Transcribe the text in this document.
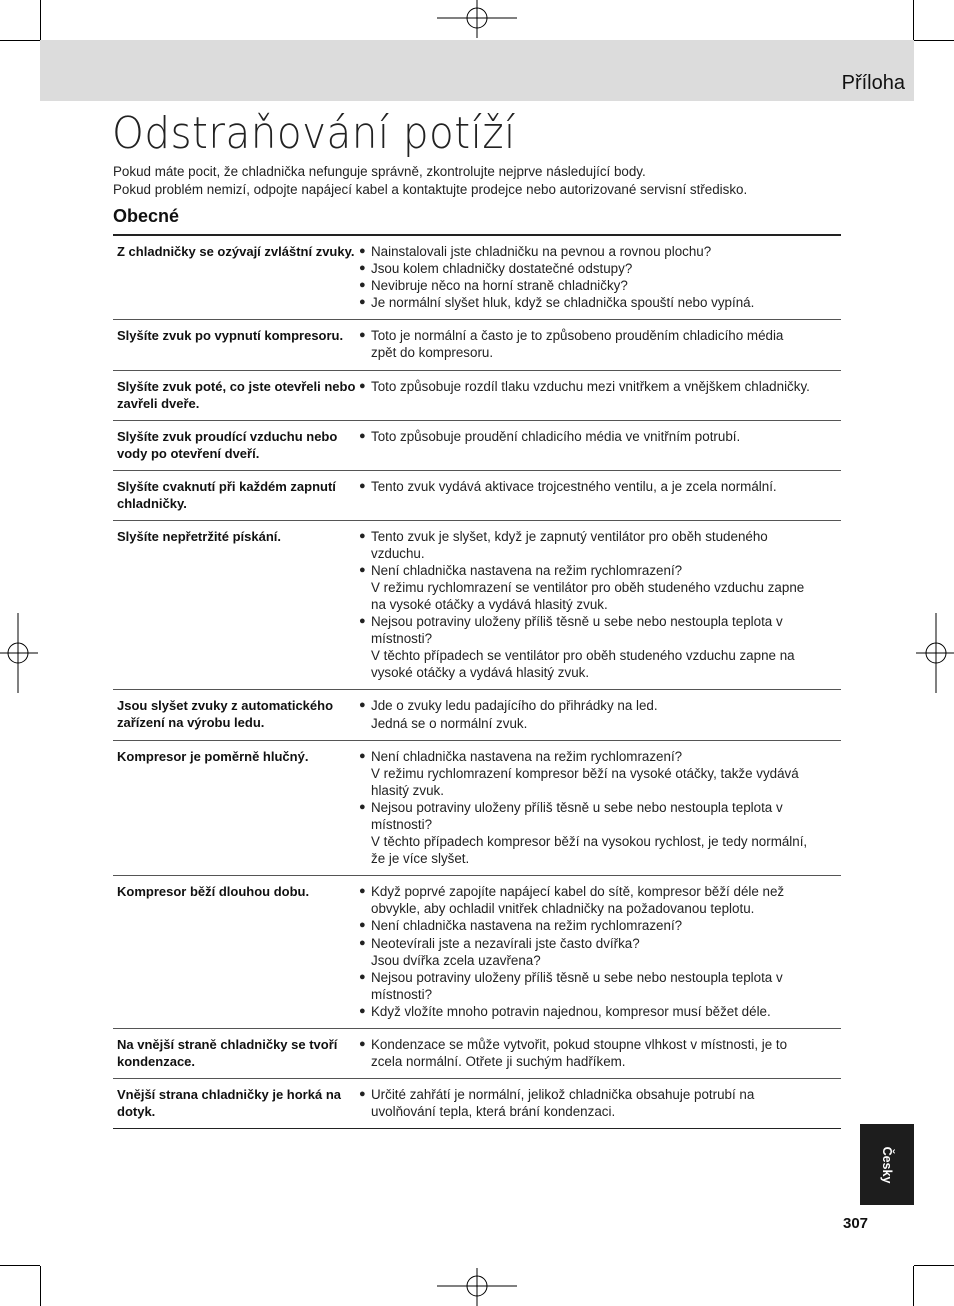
Příloha
Odstraňování potíží

Pokud máte pocit, že chladnička nefunguje správně, zkontrolujte nejprve následující body.

Pokud problém nemizí, odpojte napájecí kabel a kontaktujte prodejce nebo autorizované servisní středisko.

Obecné
Z chladničky se ozývají zvláštní zvuky. ● Nainstalovali jste chladničku na pevnou a rovnou plochu?
● Jsou kolem chladničky dostatečné odstupy?
● Nevibruje něco na horní straně chladničky?
● Je normální slyšet hluk, když se chladnička spouští nebo vypíná.
Slyšíte zvuk po vypnutí kompresoru.	● Toto je normální a často je to způsobeno prouděním chladicího média
zpět do kompresoru.
Slyšíte zvuk poté, co jste otevřeli nebo zavřeli dveře.
● Toto způsobuje rozdíl tlaku vzduchu mezi vnitřkem a vnějškem chladničky.
Slyšíte zvuk proudící vzduchu nebo vody po otevření dveří.
● Toto způsobuje proudění chladicího média ve vnitřním potrubí.
Slyšíte cvaknutí při každém zapnutí chladničky.
● Tento zvuk vydává aktivace trojcestného ventilu, a je zcela normální.
Slyšíte nepřetržité pískání.	● Tento zvuk je slyšet, když je zapnutý ventilátor pro oběh studeného
vzduchu.
● Není chladnička nastavena na režim rychlomrazení?
V režimu rychlomrazení se ventilátor pro oběh studeného vzduchu zapne
na vysoké otáčky a vydává hlasitý zvuk.
● Nejsou potraviny uloženy příliš těsně u sebe nebo nestoupla teplota v
místnosti?
V těchto případech se ventilátor pro oběh studeného vzduchu zapne na
vysoké otáčky a vydává hlasitý zvuk.
Jsou slyšet zvuky z automatického zařízení na výrobu ledu.
● Jde o zvuky ledu padajícího do přihrádky na led.
Jedná se o normální zvuk.
Kompresor je poměrně hlučný.	● Není chladnička nastavena na režim rychlomrazení?
V režimu rychlomrazení kompresor běží na vysoké otáčky, takže vydává
hlasitý zvuk.
● Nejsou potraviny uloženy příliš těsně u sebe nebo nestoupla teplota v
místnosti?
V těchto případech kompresor běží na vysokou rychlost, je tedy normální,
že je více slyšet.
Kompresor běží dlouhou dobu.	● Když poprvé zapojíte napájecí kabel do sítě, kompresor běží déle než
obvykle, aby ochladil vnitřek chladničky na požadovanou teplotu.
● Není chladnička nastavena na režim rychlomrazení?
● Neotevírali jste a nezavírali jste často dvířka?
Jsou dvířka zcela uzavřena?
● Nejsou potraviny uloženy příliš těsně u sebe nebo nestoupla teplota v
místnosti?
● Když vložíte mnoho potravin najednou, kompresor musí běžet déle.
Na vnější straně chladničky se tvoří kondenzace.
● Kondenzace se může vytvořit, pokud stoupne vlhkost v místnosti, je to
zcela normální. Otřete ji suchým hadříkem.
Vnější strana chladničky je horká na dotyk.
● Určité zahřátí je normální, jelikož chladnička obsahuje potrubí na
uvolňování tepla, která brání kondenzaci.
Česky
307
